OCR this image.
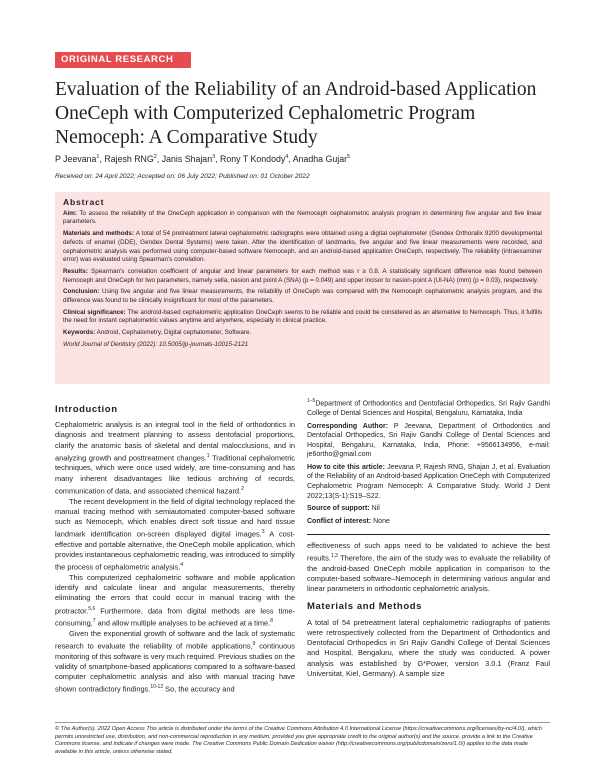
ORIGINAL RESEARCH
Evaluation of the Reliability of an Android-based Application OneCeph with Computerized Cephalometric Program Nemoceph: A Comparative Study
P Jeevana$^1$, Rajesh RNG$^2$, Janis Shajan$^3$, Rony T Kondody$^4$, Anadha Gujar$^5$
Received on: 24 April 2022; Accepted on: 06 July 2022; Published on: 01 October 2022
Abstract

Aim: To assess the reliability of the OneCeph application in comparison with the Nemoceph cephalometric analysis program in determining five angular and five linear parameters.

Materials and methods: A total of 54 pretreatment lateral cephalometric radiographs were obtained using a digital cephalometer (Gendex Orthoralix 9200 developmental defects of enamel (DDE), Gendex Dental Systems) were taken. After the identification of landmarks, five angular and five linear measurements were recorded, and cephalometric analysis was performed using computer-based software Nemoceph, and an android-based application OneCeph, respectively. The reliability (intraexaminer error) was evaluated using Spearman's correlation.

Results: Spearman's correlation coefficient of angular and linear parameters for each method was r ≥ 0.8. A statistically significant difference was found between Nemoceph and OneCeph for two parameters, namely sella, nasion and point A (SNA) (p = 0.049) and upper incisor to nasion-point A (UI-NA) (mm) (p = 0.03), respectively.

Conclusion: Using five angular and five linear measurements, the reliability of OneCeph was compared with the Nemoceph cephalometric analysis program, and the difference was found to be clinically insignificant for most of the parameters.

Clinical significance: The android-based cephalometric application OneCeph seems to be reliable and could be considered as an alternative to Nemoceph. Thus, it fulfills the need for instant cephalometric values anytime and anywhere, especially in clinical practice.

Keywords: Android, Cephalometry, Digital cephalometer, Software.

World Journal of Dentistry (2022): 10.5005/jp-journals-10015-2121

Introduction

Cephalometric analysis is an integral tool in the field of orthodontics in diagnosis and treatment planning to assess dentofacial proportions, clarify the anatomic basis of skeletal and dental malocclusions, and in analyzing growth and posttreatment changes.$^1$ Traditional cephalometric techniques, which were once used widely, are time-consuming and has many inherent disadvantages like tedious archiving of records, communication of data, and associated chemical hazard.$^2$

The recent development in the field of digital technology replaced the manual tracing method with semiautomated computer-based software such as Nemoceph, which enables direct soft tissue and hard tissue landmark identification on-screen displayed digital images.$^3$ A cost-effective and portable alternative, the OneCeph mobile application, which provides instantaneous cephalometric reading, was introduced to simplify the process of cephalometric analysis.$^4$

This computerized cephalometric software and mobile application identify and calculate linear and angular measurements, thereby eliminating the errors that could occur in manual tracing with the protractor.$^{5,6}$ Furthermore, data from digital methods are less time-consuming,$^7$ and allow multiple analyses to be achieved at a time.$^8$

Given the exponential growth of software and the lack of systematic research to evaluate the reliability of mobile applications,$^9$ continuous monitoring of this software is very much required. Previous studies on the validity of smartphone-based applications compared to a software-based computer cephalometric analysis and also with manual tracing have shown contradictory findings.$^{10-12}$ So, the accuracy and

$^{1-5}$Department of Orthodontics and Dentofacial Orthopedics, Sri Rajiv Gandhi College of Dental Sciences and Hospital, Bengaluru, Karnataka, India

Corresponding Author: P Jeevana, Department of Orthodontics and Dentofacial Orthopedics, Sri Rajiv Gandhi College of Dental Sciences and Hospital, Bengaluru, Karnataka, India, Phone: +9566134956, e-mail: je6ortho@gmail.com

How to cite this article: Jeevana P, Rajesh RNG, Shajan J, et al. Evaluation of the Reliability of an Android-based Application OneCeph with Computerized Cephalometric Program Nemoceph: A Comparative Study. World J Dent 2022;13(S-1):S19–S22.

Source of support: Nil

Conflict of interest: None

effectiveness of such apps need to be validated to achieve the best results.$^{1,3}$ Therefore, the aim of the study was to evaluate the reliability of the android-based OneCeph mobile application in comparison to the computer-based software–Nemoceph in determining various angular and linear parameters in orthodontic cephalometric analysis.

Materials and Methods

A total of 54 pretreatment lateral cephalometric radiographs of patients were retrospectively collected from the Department of Orthodontics and Dentofacial Orthopedics in Sri Rajiv Gandhi College of Dental Sciences and Hospital, Bengaluru, where the study was conducted. A power analysis was established by G*Power, version 3.0.1 (Franz Faul Universitat, Kiel, Germany). A sample size

© The Author(s). 2022 Open Access This article is distributed under the terms of the Creative Commons Attribution 4.0 International License (https://creativecommons.org/licenses/by-nc/4.0/), which permits unrestricted use, distribution, and non-commercial reproduction in any medium, provided you give appropriate credit to the original author(s) and the source, provide a link to the Creative Commons license, and indicate if changes were made. The Creative Commons Public Domain Dedication waiver (http://creativecommons.org/publicdomain/zero/1.0/) applies to the data made available in this article, unless otherwise stated.
